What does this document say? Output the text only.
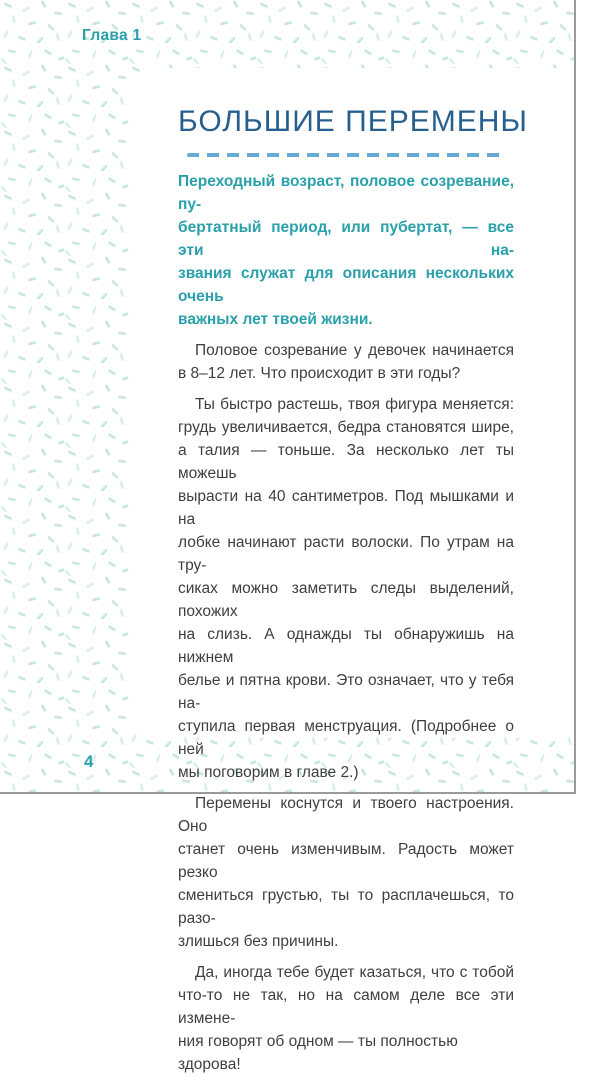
Глава 1
БОЛЬШИЕ ПЕРЕМЕНЫ
Переходный возраст, половое созревание, пу-
бертатный период, или пубертат, — все эти на-
звания служат для описания нескольких очень
важных лет твоей жизни.
Половое созревание у девочек начинается
в 8–12 лет. Что происходит в эти годы?
Ты быстро растешь, твоя фигура меняется:
грудь увеличивается, бедра становятся шире,
а талия — тоньше. За несколько лет ты можешь
вырасти на 40 сантиметров. Под мышками и на
лобке начинают расти волоски. По утрам на тру-
сиках можно заметить следы выделений, похожих
на слизь. А однажды ты обнаружишь на нижнем
белье и пятна крови. Это означает, что у тебя на-
ступила первая менструация. (Подробнее о ней
мы поговорим в главе 2.)
Перемены коснутся и твоего настроения. Оно
станет очень изменчивым. Радость может резко
смениться грустью, ты то расплачешься, то разо-
злишься без причины.
Да, иногда тебе будет казаться, что с тобой
что-то не так, но на самом деле все эти измене-
ния говорят об одном — ты полностью здорова!
4
